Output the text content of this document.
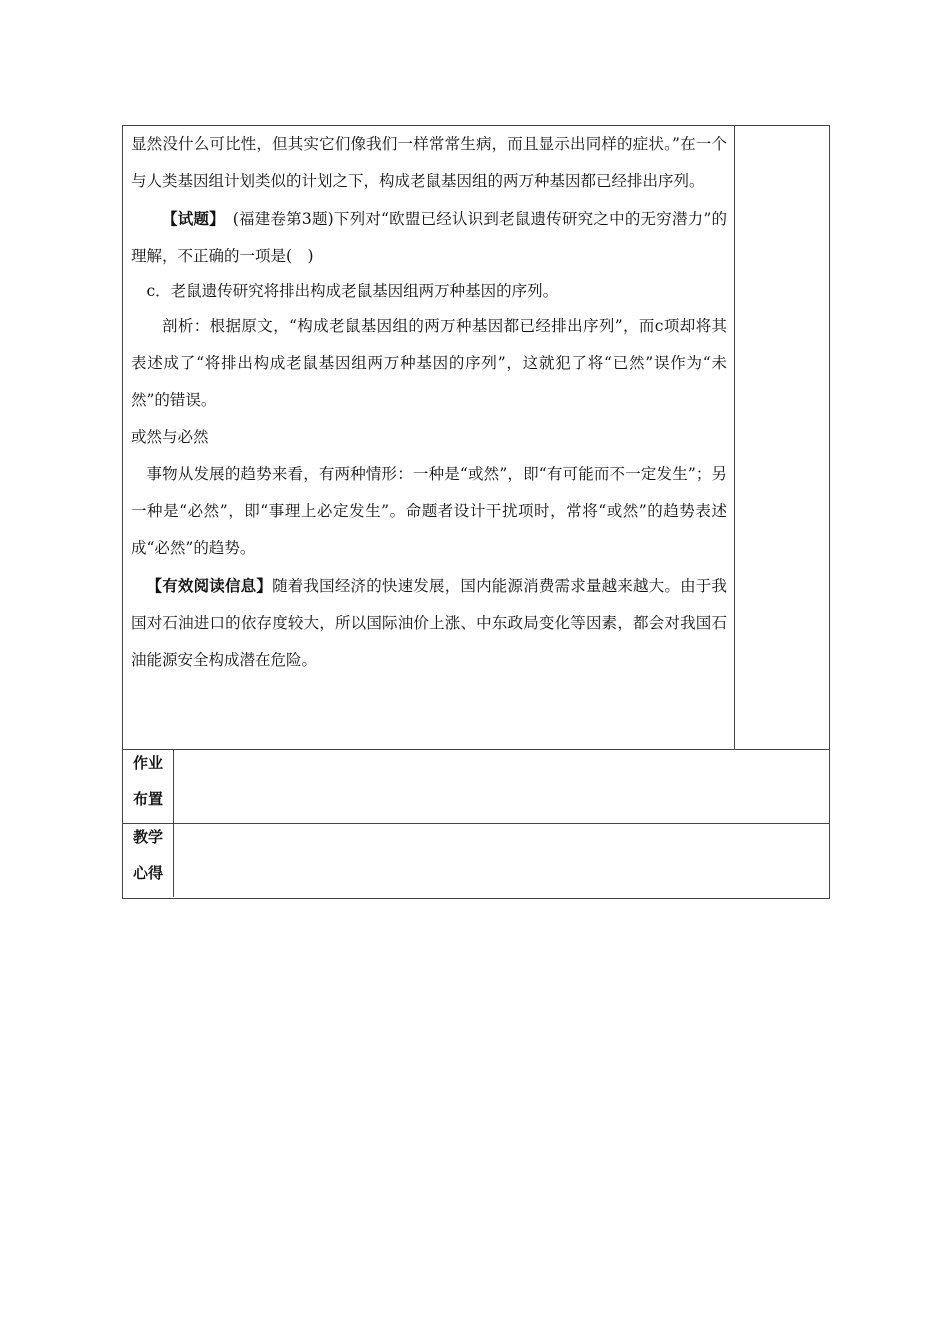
显然没什么可比性，但其实它们像我们一样常常生病，而且显示出同样的症状。”在一个与人类基因组计划类似的计划之下，构成老鼠基因组的两万种基因都已经排出序列。

【试题】　(福建卷第3题)下列对“欧盟已经认识到老鼠遗传研究之中的无穷潜力”的理解，不正确的一项是(　)

c．老鼠遗传研究将排出构成老鼠基因组两万种基因的序列。

剖析：根据原文，“构成老鼠基因组的两万种基因都已经排出序列”，而c项却将其表述成了“将排出构成老鼠基因组两万种基因的序列”，这就犯了将“已然”误作为“未然”的错误。

或然与必然

事物从发展的趋势来看，有两种情形：一种是“或然”，即“有可能而不一定发生”；另一种是“必然”，即“事理上必定发生”。命题者设计干扰项时，常将“或然”的趋势表述成“必然”的趋势。

【有效阅读信息】随着我国经济的快速发展，国内能源消费需求量越来越大。由于我国对石油进口的依存度较大，所以国际油价上涨、中东政局变化等因素，都会对我国石油能源安全构成潜在危险。

作业
布置
教学
心得
